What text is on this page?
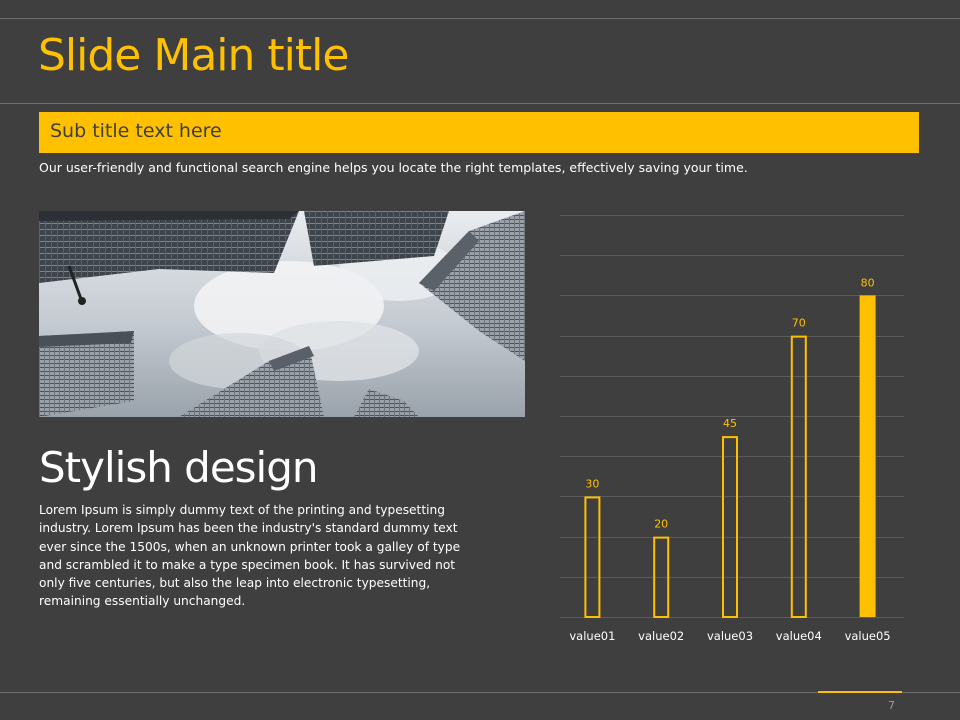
Slide Main title
Sub title text here
Our user-friendly and functional search engine helps you locate the right templates, effectively saving your time.
Stylish design
Lorem Ipsum is simply dummy text of the printing and typesetting industry. Lorem Ipsum has been the industry's standard dummy text ever since the 1500s, when an unknown printer took a galley of type and scrambled it to make a type specimen book. It has survived not only five centuries, but also the leap into electronic typesetting, remaining essentially unchanged.
30
value01
20
value02
45
value03
70
value04
80
value05
7
